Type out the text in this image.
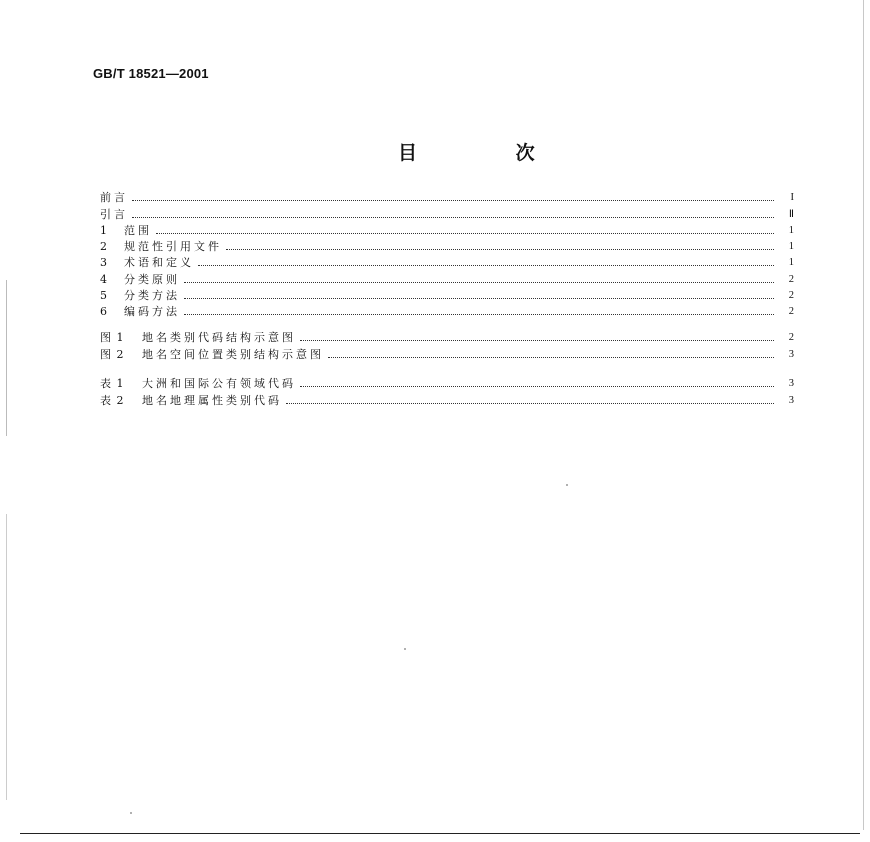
GB/T 18521—2001
目 次
前言	I
引言	Ⅱ
1	范围	1
2	规范性引用文件	1
3	术语和定义	1
4	分类原则	2
5	分类方法	2
6	编码方法	2
图 1	地名类别代码结构示意图	2
图 2	地名空间位置类别结构示意图	3
表 1	大洲和国际公有领域代码	3
表 2	地名地理属性类别代码	3
